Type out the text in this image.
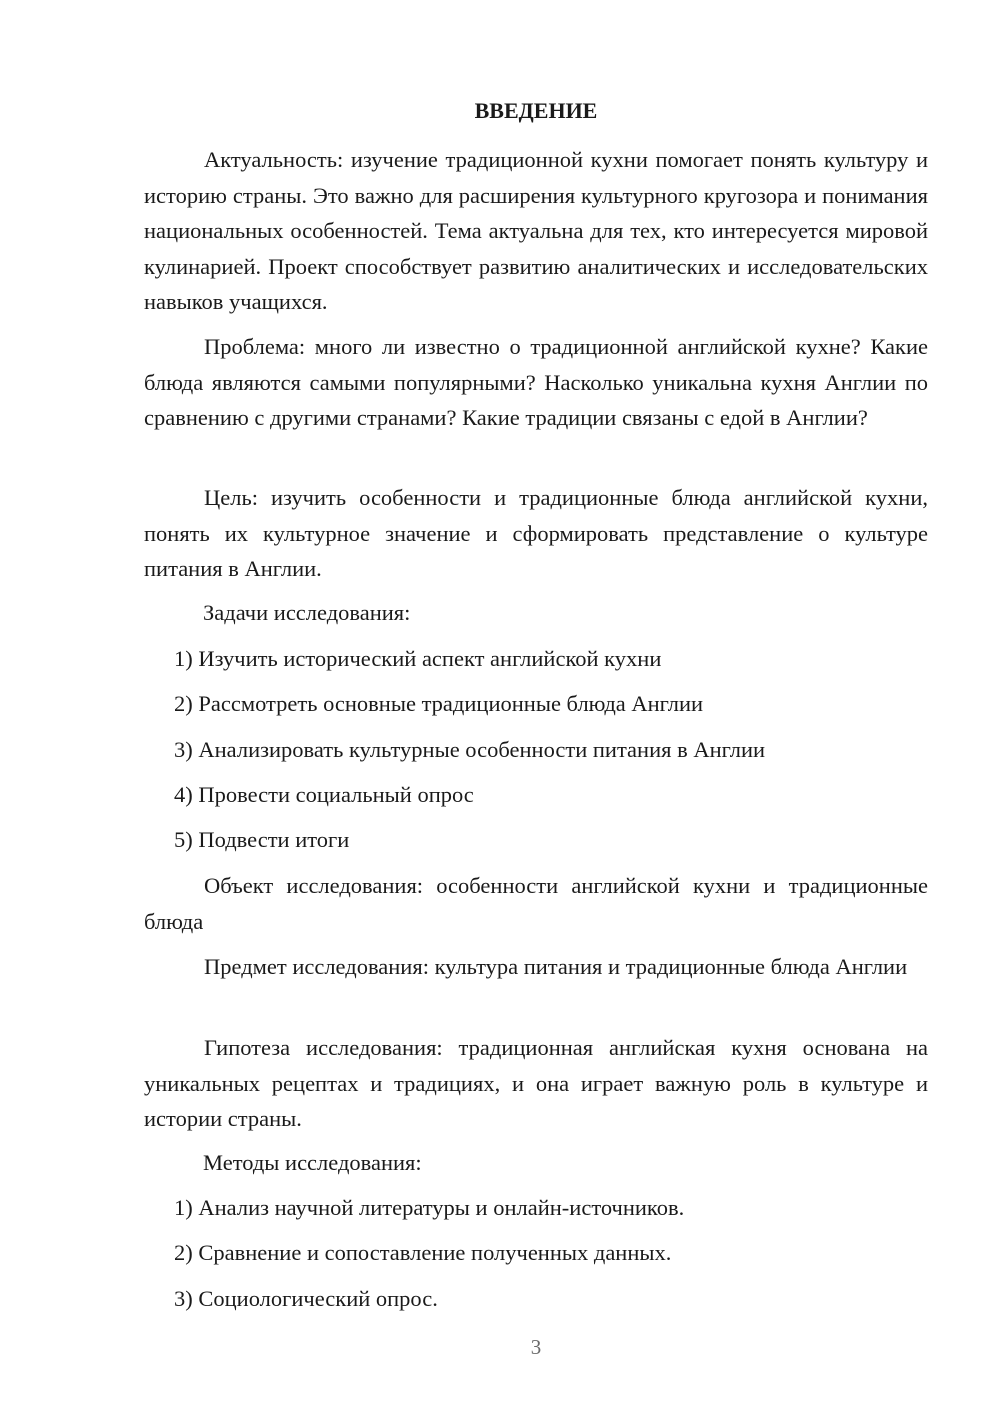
ВВЕДЕНИЕ

Актуальность: изучение традиционной кухни помогает понять культуру и историю страны. Это важно для расширения культурного кругозора и понимания национальных особенностей. Тема актуальна для тех, кто интересуется мировой кулинарией. Проект способствует развитию аналитических и исследовательских навыков учащихся.

Проблема: много ли известно о традиционной английской кухне? Какие блюда являются самыми популярными? Насколько уникальна кухня Англии по сравнению с другими странами? Какие традиции связаны с едой в Англии?

Цель: изучить особенности и традиционные блюда английской кухни, понять их культурное значение и сформировать представление о культуре питания в Англии.

Задачи исследования:

1) Изучить исторический аспект английской кухни

2) Рассмотреть основные традиционные блюда Англии

3) Анализировать культурные особенности питания в Англии

4) Провести социальный опрос

5) Подвести итоги

Объект исследования: особенности английской кухни и традиционные блюда

Предмет исследования: культура питания и традиционные блюда Англии

Гипотеза исследования: традиционная английская кухня основана на уникальных рецептах и традициях, и она играет важную роль в культуре и истории страны.

Методы исследования:

1) Анализ научной литературы и онлайн-источников.

2) Сравнение и сопоставление полученных данных.

3) Социологический опрос.

3
